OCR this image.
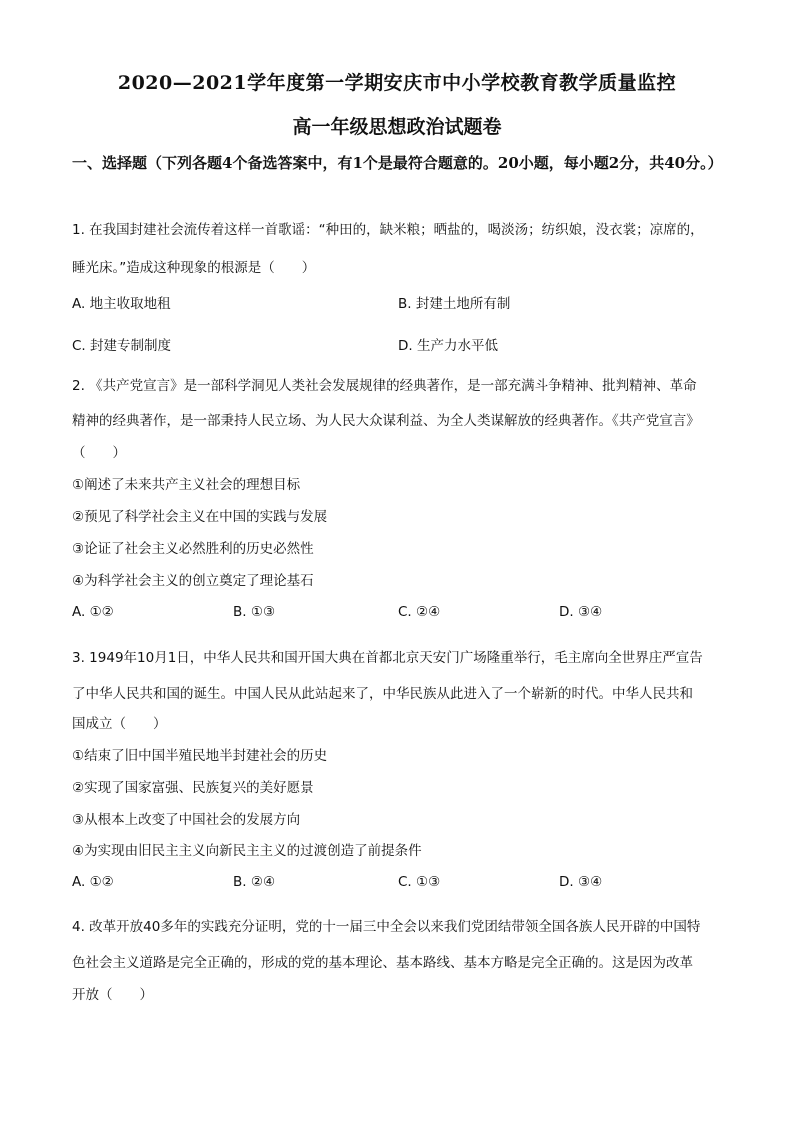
2020—2021学年度第一学期安庆市中小学校教育教学质量监控
高一年级思想政治试题卷
一、选择题（下列各题4个备选答案中，有1个是最符合题意的。20小题，每小题2分，共40分。）
1. 在我国封建社会流传着这样一首歌谣：“种田的，缺米粮；晒盐的，喝淡汤；纺织娘，没衣裳；凉席的，
睡光床。”造成这种现象的根源是（　　）
A. 地主收取地租	B. 封建土地所有制
C. 封建专制制度	D. 生产力水平低
2. 《共产党宣言》是一部科学洞见人类社会发展规律的经典著作，是一部充满斗争精神、批判精神、革命
精神的经典著作，是一部秉持人民立场、为人民大众谋利益、为全人类谋解放的经典著作。《共产党宣言》
（　　）
①阐述了未来共产主义社会的理想目标
②预见了科学社会主义在中国的实践与发展
③论证了社会主义必然胜利的历史必然性
④为科学社会主义的创立奠定了理论基石
A. ①②	B. ①③	C. ②④	D. ③④
3. 1949年10月1日，中华人民共和国开国大典在首都北京天安门广场隆重举行，毛主席向全世界庄严宣告
了中华人民共和国的诞生。中国人民从此站起来了，中华民族从此进入了一个崭新的时代。中华人民共和
国成立（　　）
①结束了旧中国半殖民地半封建社会的历史
②实现了国家富强、民族复兴的美好愿景
③从根本上改变了中国社会的发展方向
④为实现由旧民主主义向新民主主义的过渡创造了前提条件
A. ①②	B. ②④	C. ①③	D. ③④
4. 改革开放40多年的实践充分证明，党的十一届三中全会以来我们党团结带领全国各族人民开辟的中国特
色社会主义道路是完全正确的，形成的党的基本理论、基本路线、基本方略是完全正确的。这是因为改革
开放（　　）
